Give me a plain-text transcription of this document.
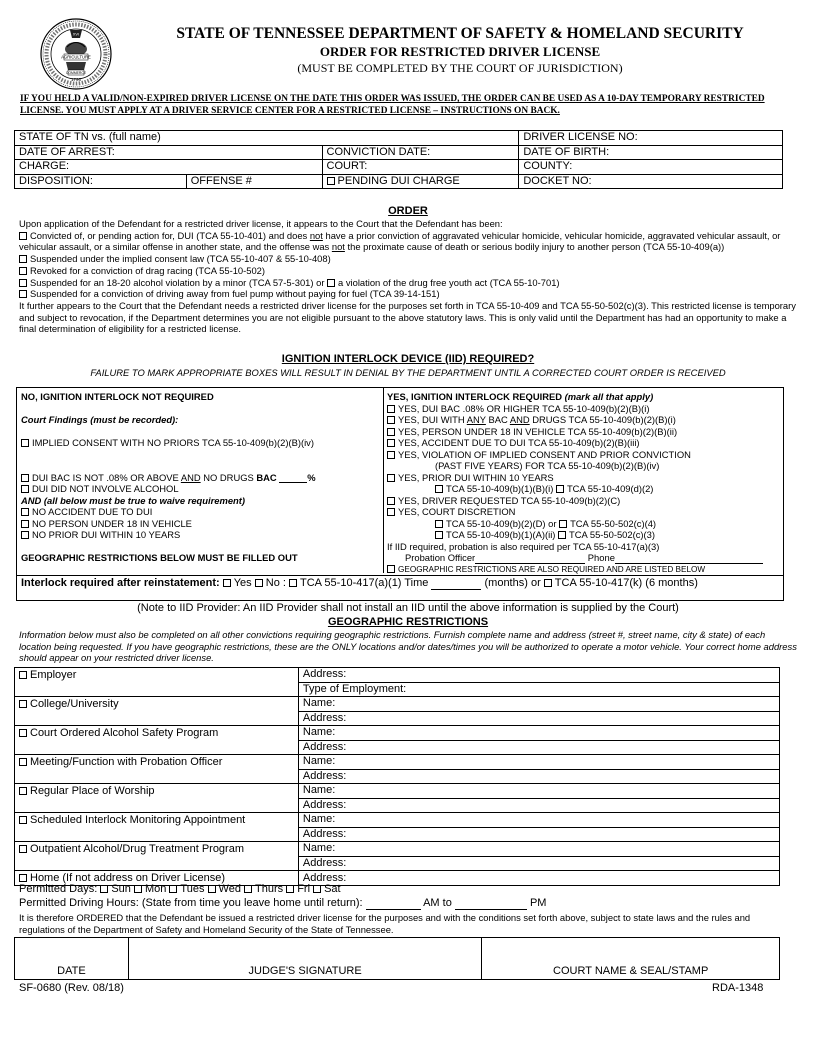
XVI
AGRICULTURE
COMMERCE
1796
STATE OF TENNESSEE DEPARTMENT OF SAFETY & HOMELAND SECURITY
ORDER FOR RESTRICTED DRIVER LICENSE
(MUST BE COMPLETED BY THE COURT OF JURISDICTION)
IF YOU HELD A VALID/NON-EXPIRED DRIVER LICENSE ON THE DATE THIS ORDER WAS ISSUED, THE ORDER CAN BE USED AS A 10-DAY TEMPORARY RESTRICTED LICENSE. YOU MUST APPLY AT A DRIVER SERVICE CENTER FOR A RESTRICTED LICENSE – INSTRUCTIONS ON BACK.
STATE OF TN vs. (full name)			DRIVER LICENSE NO:
DATE OF ARREST:		CONVICTION DATE:	DATE OF BIRTH:
CHARGE:		COURT:	COUNTY:
DISPOSITION:	OFFENSE #	PENDING DUI CHARGE	DOCKET NO:
ORDER
Upon application of the Defendant for a restricted driver license, it appears to the Court that the Defendant has been:
Convicted of, or pending action for, DUI (TCA 55-10-401) and does not have a prior conviction of aggravated vehicular homicide, vehicular homicide, aggravated vehicular assault, or vehicular assault, or a similar offense in another state, and the offense was not the proximate cause of death or serious bodily injury to another person (TCA 55-10-409(a))
Suspended under the implied consent law (TCA 55-10-407 & 55-10-408)
Revoked for a conviction of drag racing (TCA 55-10-502)
Suspended for an 18-20 alcohol violation by a minor (TCA 57-5-301) or a violation of the drug free youth act (TCA 55-10-701)
Suspended for a conviction of driving away from fuel pump without paying for fuel (TCA 39-14-151)
It further appears to the Court that the Defendant needs a restricted driver license for the purposes set forth in TCA 55-10-409 and TCA 55-50-502(c)(3). This restricted license is temporary and subject to revocation, if the Department determines you are not eligible pursuant to the above statutory laws. This is only valid until the Department has had an opportunity to make a final determination of eligibility for a restricted license.
IGNITION INTERLOCK DEVICE (IID) REQUIRED?
FAILURE TO MARK APPROPRIATE BOXES WILL RESULT IN DENIAL BY THE DEPARTMENT UNTIL A CORRECTED COURT ORDER IS RECEIVED
NO, IGNITION INTERLOCK NOT REQUIRED
Court Findings (must be recorded):
IMPLIED CONSENT WITH NO PRIORS TCA 55-10-409(b)(2)(B)(iv)
DUI BAC IS NOT .08% OR ABOVE AND NO DRUGS BAC	%
DUI DID NOT INVOLVE ALCOHOL
AND (all below must be true to waive requirement)
NO ACCIDENT DUE TO DUI
NO PERSON UNDER 18 IN VEHICLE
NO PRIOR DUI WITHIN 10 YEARS
GEOGRAPHIC RESTRICTIONS BELOW MUST BE FILLED OUT
YES, IGNITION INTERLOCK REQUIRED (mark all that apply)
YES, DUI BAC .08% OR HIGHER TCA 55-10-409(b)(2)(B)(i)
YES, DUI WITH ANY BAC AND DRUGS TCA 55-10-409(b)(2)(B)(i)
YES, PERSON UNDER 18 IN VEHICLE TCA 55-10-409(b)(2)(B)(ii)
YES, ACCIDENT DUE TO DUI TCA 55-10-409(b)(2)(B)(iii)
YES, VIOLATION OF IMPLIED CONSENT AND PRIOR CONVICTION
(PAST FIVE YEARS) FOR TCA 55-10-409(b)(2)(B)(iv)
YES, PRIOR DUI WITHIN 10 YEARS
TCA 55-10-409(b)(1)(B)(i) TCA 55-10-409(d)(2)
YES, DRIVER REQUESTED TCA 55-10-409(b)(2)(C)
YES, COURT DISCRETION
TCA 55-10-409(b)(2)(D) or TCA 55-50-502(c)(4)
TCA 55-10-409(b)(1)(A)(ii) TCA 55-50-502(c)(3)
If IID required, probation is also required per TCA 55-10-417(a)(3)
Probation Officer	Phone
GEOGRAPHIC RESTRICTIONS ARE ALSO REQUIRED AND ARE LISTED BELOW
Interlock required after reinstatement: Yes No : TCA 55-10-417(a)(1) Time	(months) or TCA 55-10-417(k) (6 months)
(Note to IID Provider: An IID Provider shall not install an IID until the above information is supplied by the Court)
GEOGRAPHIC RESTRICTIONS
Information below must also be completed on all other convictions requiring geographic restrictions. Furnish complete name and address (street #, street name, city & state) of each location being requested. If you have geographic restrictions, these are the ONLY locations and/or dates/times you will be authorized to operate a motor vehicle. Your correct home address should appear on your restricted driver license.
Employer	Address:
	Type of Employment:
College/University	Name:
	Address:
Court Ordered Alcohol Safety Program	Name:
	Address:
Meeting/Function with Probation Officer	Name:
	Address:
Regular Place of Worship	Name:
	Address:
Scheduled Interlock Monitoring Appointment	Name:
	Address:
Outpatient Alcohol/Drug Treatment Program	Name:
	Address:
Home (If not address on Driver License)	Address:
Permitted Days: Sun Mon Tues Wed Thurs Fri Sat
Permitted Driving Hours: (State from time you leave home until return):	AM to	PM
It is therefore ORDERED that the Defendant be issued a restricted driver license for the purposes and with the conditions set forth above, subject to state laws and the rules and regulations of the Department of Safety and Homeland Security of the State of Tennessee.
DATE	JUDGE'S SIGNATURE	COURT NAME & SEAL/STAMP
SF-0680 (Rev. 08/18)	RDA-1348
